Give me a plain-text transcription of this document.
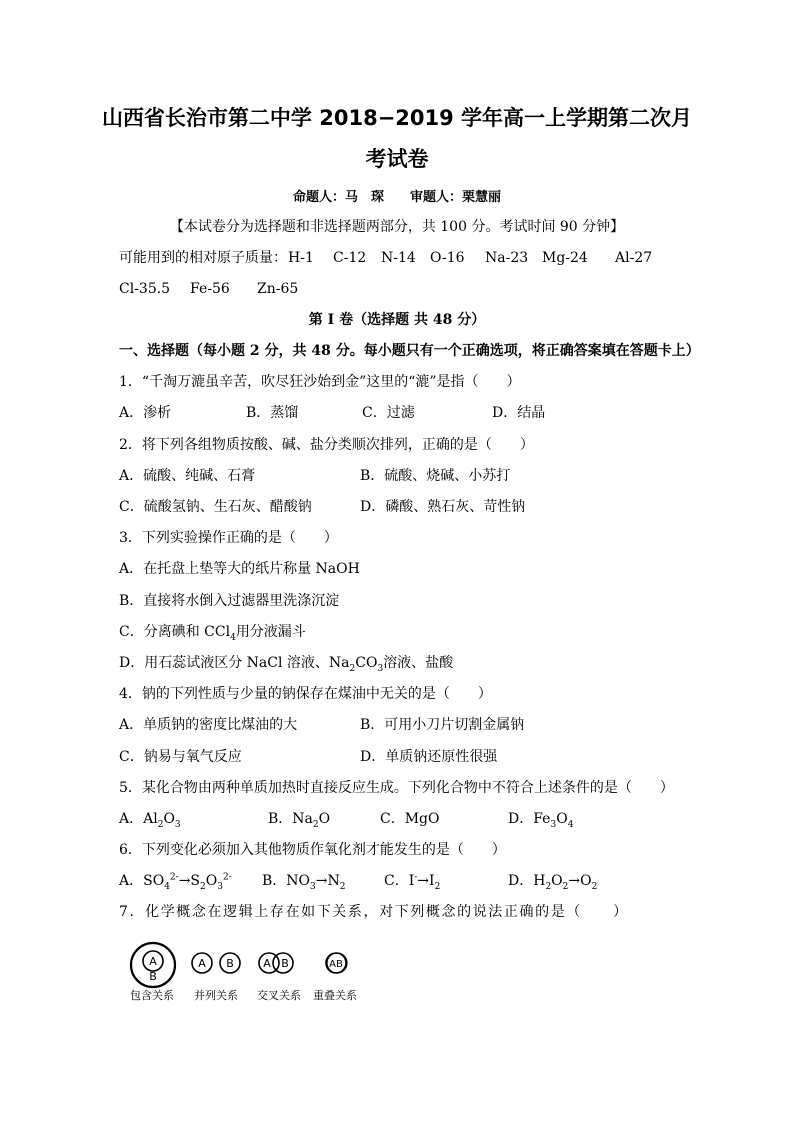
山西省长治市第二中学 2018−2019 学年高一上学期第二次月
考试卷
命题人：马　琛　　审题人：栗慧丽
【本试卷分为选择题和非选择题两部分，共 100 分。考试时间 90 分钟】
可能用到的相对原子质量： H-1 C-12 N-14 O-16 Na-23 Mg-24 Al-27
Cl-35.5 Fe-56 Zn-65
第 I 卷（选择题 共 48 分）
一、选择题（每小题 2 分，共 48 分。每小题只有一个正确选项，将正确答案填在答题卡上）
1．“千淘万漉虽辛苦，吹尽狂沙始到金”这里的“漉”是指（　　）
A．渗析	B．蒸馏	C．过滤	D．结晶
2．将下列各组物质按酸、碱、盐分类顺次排列，正确的是（　　）
A．硫酸、纯碱、石膏	B．硫酸、烧碱、小苏打
C．硫酸氢钠、生石灰、醋酸钠	D．磷酸、熟石灰、苛性钠
3．下列实验操作正确的是（　　）
A．在托盘上垫等大的纸片称量 NaOH
B．直接将水倒入过滤器里洗涤沉淀
C．分离碘和 CCl$_4$用分液漏斗
D．用石蕊试液区分 NaCl 溶液、$Na_2CO_3$溶液、盐酸
4．钠的下列性质与少量的钠保存在煤油中无关的是（　　）
A．单质钠的密度比煤油的大	B．可用小刀片切割金属钠
C．钠易与氧气反应	D．单质钠还原性很强
5．某化合物由两种单质加热时直接反应生成。下列化合物中不符合上述条件的是（　　）
A．$Al_2O_3$	B．$Na_2O$	C．MgO	D．$Fe_3O_4$
6．下列变化必须加入其他物质作氧化剂才能发生的是（　　）
A．$SO_4^{2-}\to S_2O_3^{2-}$ B．$NO_3\to N_2$	C．$I^-\to I_2$	D．$H_2O_2\to O_2$
7．化学概念在逻辑上存在如下关系，对下列概念的说法正确的是（　　）
A
B
A B	A B	AB
包含关系 并列关系 交叉关系 重叠关系
